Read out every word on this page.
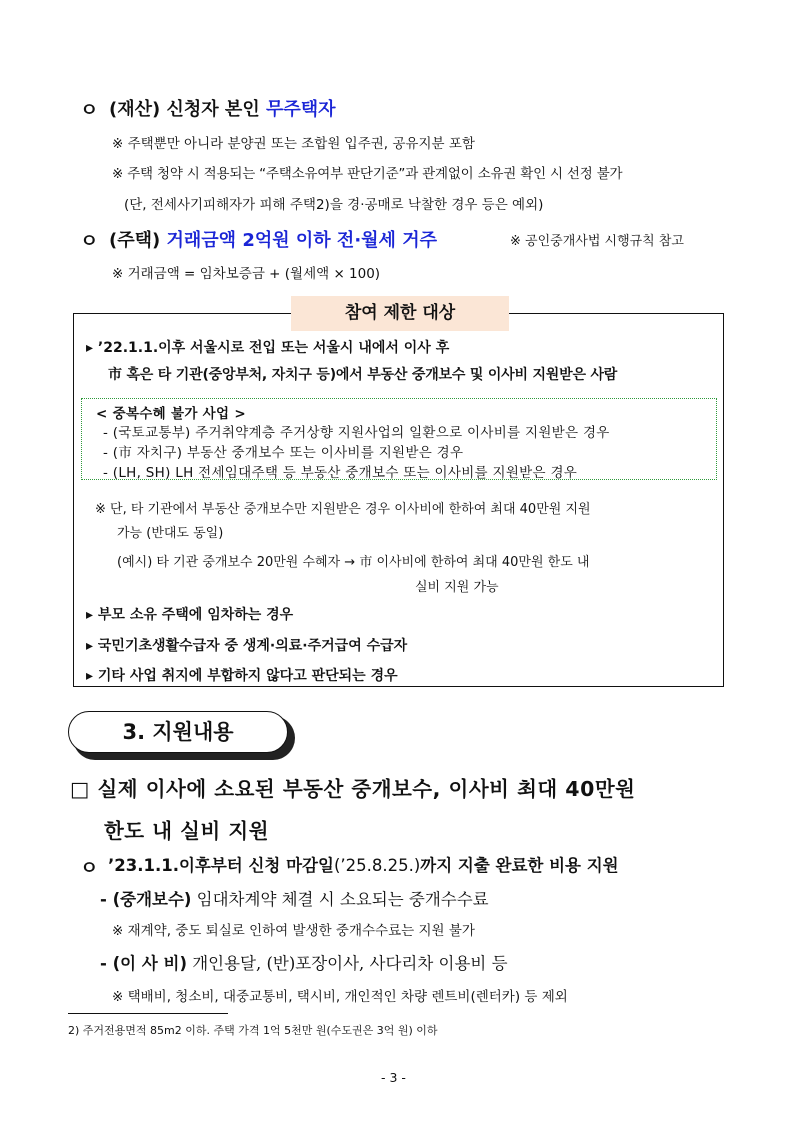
ㅇ (재산) 신청자 본인 무주택자
※ 주택뿐만 아니라 분양권 또는 조합원 입주권, 공유지분 포함
※ 주택 청약 시 적용되는 “주택소유여부 판단기준”과 관계없이 소유권 확인 시 선정 불가
(단, 전세사기피해자가 피해 주택2)을 경·공매로 낙찰한 경우 등은 예외)
ㅇ (주택) 거래금액 2억원 이하 전·월세 거주	※ 공인중개사법 시행규칙 참고
※ 거래금액 = 임차보증금 + (월세액 × 100)
참여 제한 대상
▸ ’22.1.1.이후 서울시로 전입 또는 서울시 내에서 이사 후
市 혹은 타 기관(중앙부처, 자치구 등)에서 부동산 중개보수 및 이사비 지원받은 사람
< 중복수혜 불가 사업 >
- (국토교통부) 주거취약계층 주거상향 지원사업의 일환으로 이사비를 지원받은 경우
- (市 자치구) 부동산 중개보수 또는 이사비를 지원받은 경우
- (LH, SH) LH 전세임대주택 등 부동산 중개보수 또는 이사비를 지원받은 경우
※ 단, 타 기관에서 부동산 중개보수만 지원받은 경우 이사비에 한하여 최대 40만원 지원
가능 (반대도 동일)
(예시) 타 기관 중개보수 20만원 수혜자 → 市 이사비에 한하여 최대 40만원 한도 내
실비 지원 가능
▸ 부모 소유 주택에 임차하는 경우
▸ 국민기초생활수급자 중 생계·의료·주거급여 수급자
▸ 기타 사업 취지에 부합하지 않다고 판단되는 경우
3. 지원내용
□ 실제 이사에 소요된 부동산 중개보수, 이사비 최대 40만원
한도 내 실비 지원
ㅇ ’23.1.1.이후부터 신청 마감일(’25.8.25.)까지 지출 완료한 비용 지원
- (중개보수) 임대차계약 체결 시 소요되는 중개수수료
※ 재계약, 중도 퇴실로 인하여 발생한 중개수수료는 지원 불가
- (이 사 비) 개인용달, (반)포장이사, 사다리차 이용비 등
※ 택배비, 청소비, 대중교통비, 택시비, 개인적인 차량 렌트비(렌터카) 등 제외
2) 주거전용면적 85m2 이하. 주택 가격 1억 5천만 원(수도권은 3억 원) 이하
- 3 -
